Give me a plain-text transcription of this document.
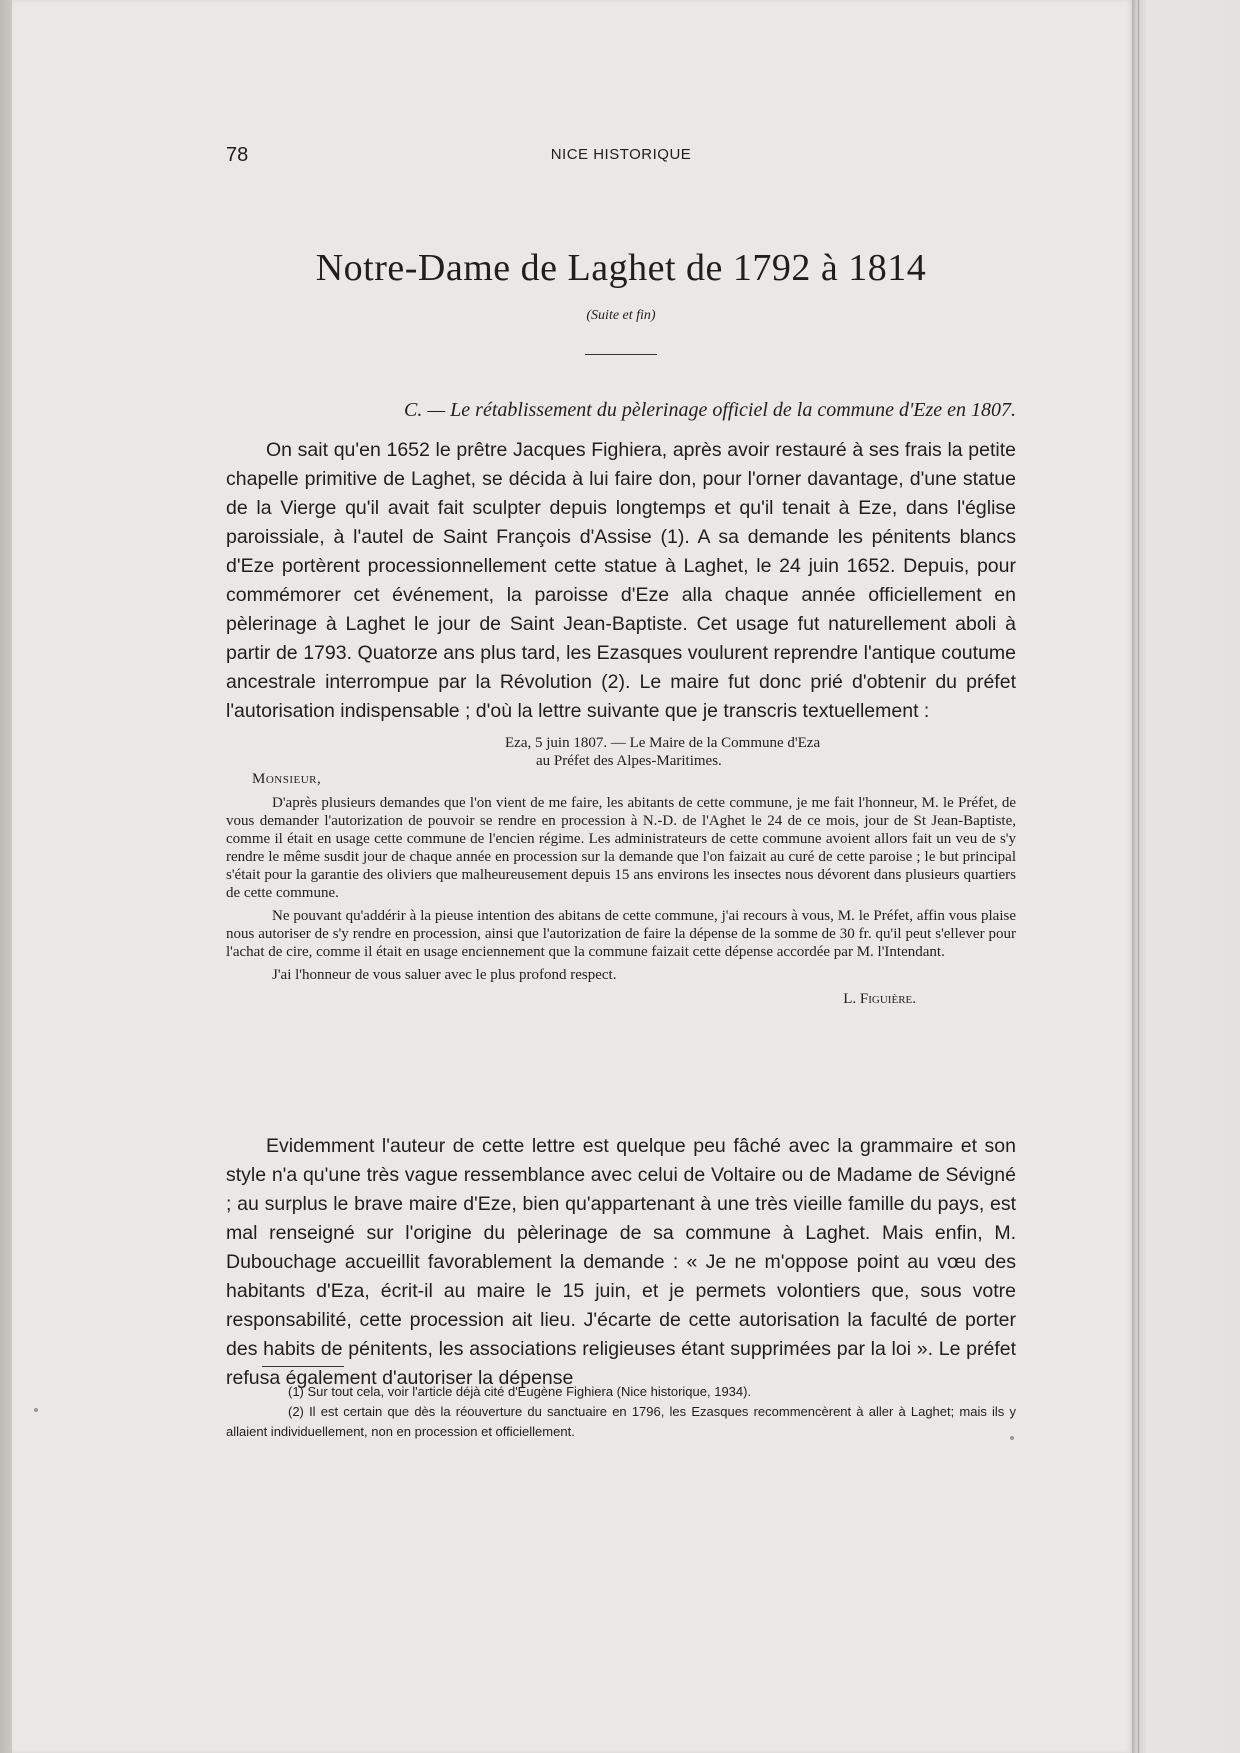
78	NICE HISTORIQUE
Notre-Dame de Laghet de 1792 à 1814
(Suite et fin)
C. — Le rétablissement du pèlerinage officiel de la commune d'Eze en 1807.

On sait qu'en 1652 le prêtre Jacques Fighiera, après avoir restauré à ses frais la petite chapelle primitive de Laghet, se décida à lui faire don, pour l'orner davantage, d'une statue de la Vierge qu'il avait fait sculpter depuis longtemps et qu'il tenait à Eze, dans l'église paroissiale, à l'autel de Saint François d'Assise (1). A sa demande les pénitents blancs d'Eze portèrent processionnellement cette statue à Laghet, le 24 juin 1652. Depuis, pour commémorer cet événement, la paroisse d'Eze alla chaque année officiellement en pèlerinage à Laghet le jour de Saint Jean-Baptiste. Cet usage fut naturellement aboli à partir de 1793. Quatorze ans plus tard, les Ezasques voulurent reprendre l'antique coutume ancestrale interrompue par la Révolution (2). Le maire fut donc prié d'obtenir du préfet l'autorisation indispensable ; d'où la lettre suivante que je transcris textuellement :

Eza, 5 juin 1807. — Le Maire de la Commune d'Eza
au Préfet des Alpes-Maritimes.
Monsieur,

D'après plusieurs demandes que l'on vient de me faire, les abitants de cette commune, je me fait l'honneur, M. le Préfet, de vous demander l'autorization de pouvoir se rendre en procession à N.-D. de l'Aghet le 24 de ce mois, jour de St Jean-Baptiste, comme il était en usage cette commune de l'encien régime. Les administrateurs de cette commune avoient allors fait un veu de s'y rendre le même susdit jour de chaque année en procession sur la demande que l'on faizait au curé de cette paroise ; le but principal s'était pour la garantie des oliviers que malheureusement depuis 15 ans environs les insectes nous dévorent dans plusieurs quartiers de cette commune.

Ne pouvant qu'addérir à la pieuse intention des abitans de cette commune, j'ai recours à vous, M. le Préfet, affin vous plaise nous autoriser de s'y rendre en procession, ainsi que l'autorization de faire la dépense de la somme de 30 fr. qu'il peut s'ellever pour l'achat de cire, comme il était en usage enciennement que la commune faizait cette dépense accordée par M. l'Intendant.

J'ai l'honneur de vous saluer avec le plus profond respect.

L. Figuière.

Evidemment l'auteur de cette lettre est quelque peu fâché avec la grammaire et son style n'a qu'une très vague ressemblance avec celui de Voltaire ou de Madame de Sévigné ; au surplus le brave maire d'Eze, bien qu'appartenant à une très vieille famille du pays, est mal renseigné sur l'origine du pèlerinage de sa commune à Laghet. Mais enfin, M. Dubouchage accueillit favorablement la demande : « Je ne m'oppose point au vœu des habitants d'Eza, écrit-il au maire le 15 juin, et je permets volontiers que, sous votre responsabilité, cette procession ait lieu. J'écarte de cette autorisation la faculté de porter des habits de pénitents, les associations religieuses étant supprimées par la loi ». Le préfet refusa également d'autoriser la dépense

(1) Sur tout cela, voir l'article déjà cité d'Eugène Fighiera (Nice historique, 1934).

(2) Il est certain que dès la réouverture du sanctuaire en 1796, les Ezasques recommencèrent à aller à Laghet; mais ils y allaient individuellement, non en procession et officiellement.
